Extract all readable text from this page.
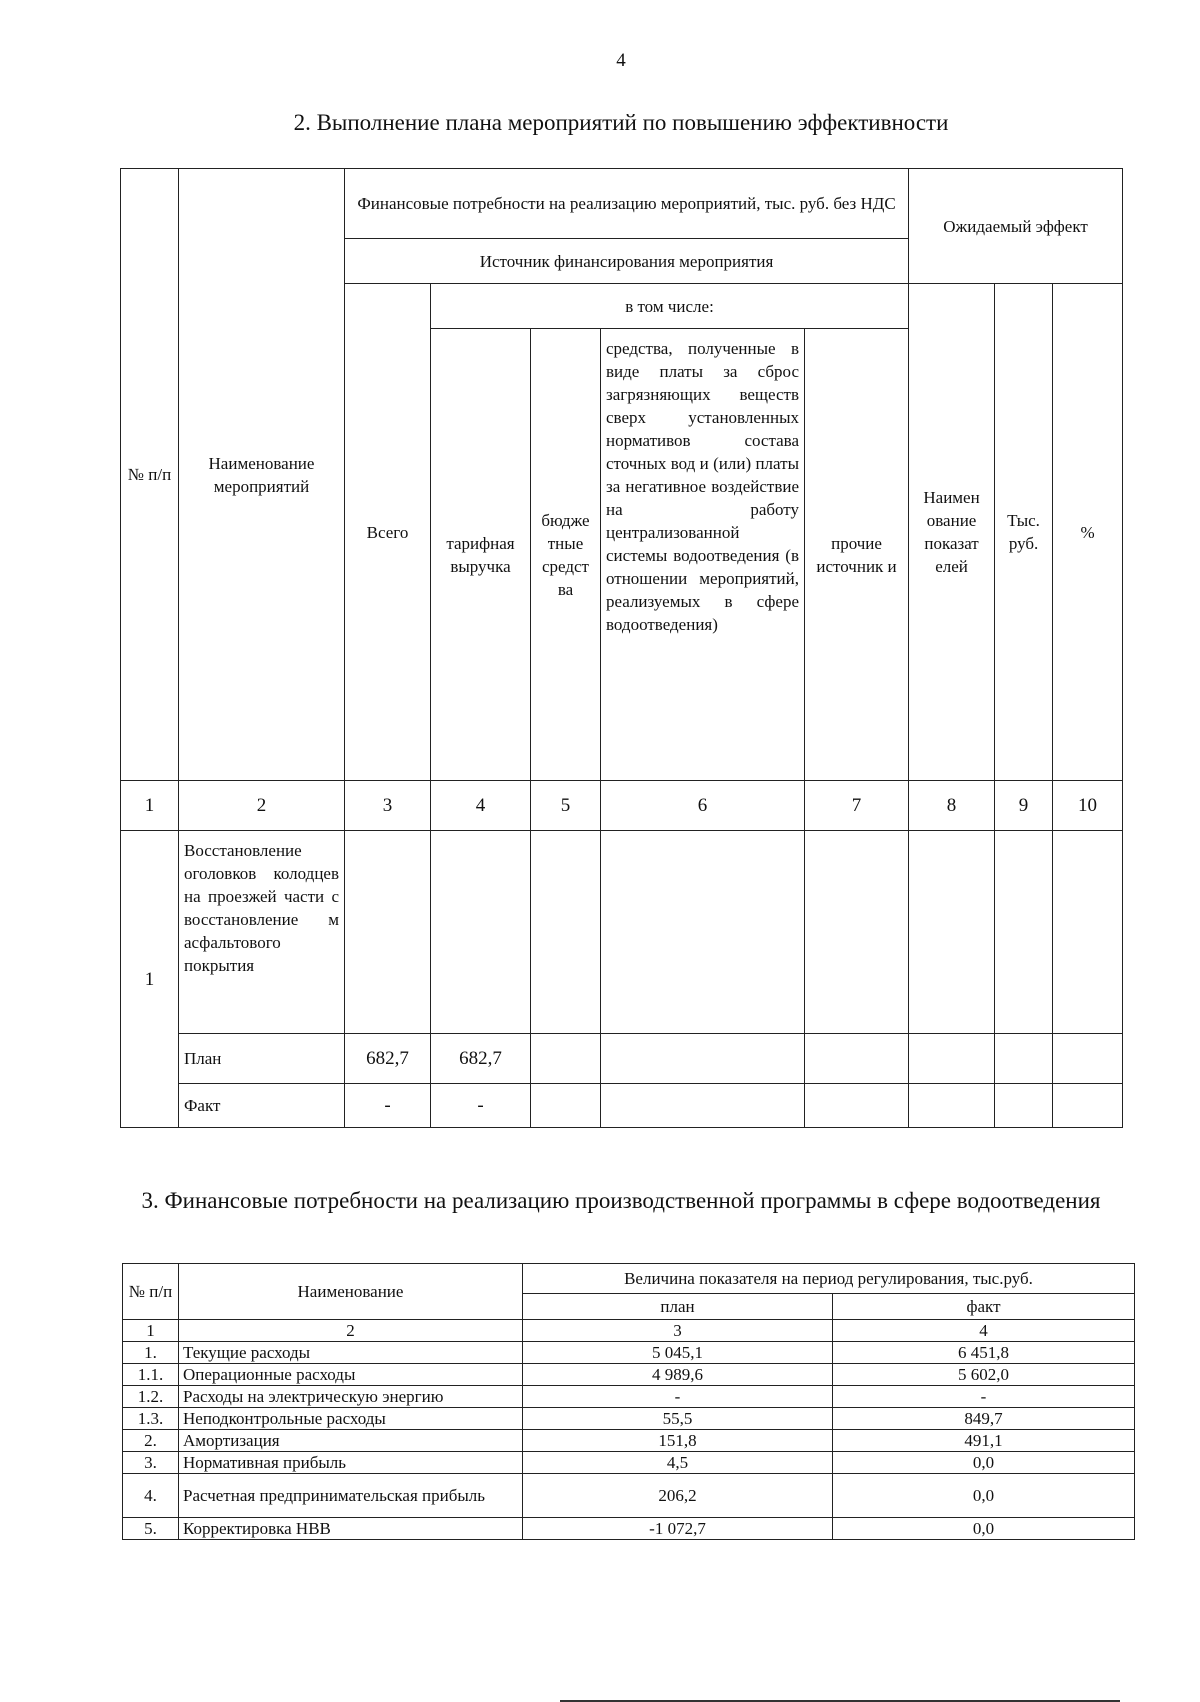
4
2. Выполнение плана мероприятий по повышению эффективности
№ п/п	Наименование мероприятий	Финансовые потребности на реализацию мероприятий, тыс. руб. без НДС					Ожидаемый эффект		
		Источник финансирования мероприятия							
		Всего	в том числе:				Наимен ование показат елей	Тыс. руб.	%
			тарифная выручка	бюдже тные средст ва	средства, полученные в виде платы за сброс загрязняющих веществ сверх установленных нормативов состава сточных вод и (или) платы за негативное воздействие на работу централизованной системы водоотведения (в отношении мероприятий, реализуемых в сфере водоотведения)	прочие источник и			
1	2	3	4	5	6	7	8	9	10
1	Восстановление оголовков колодцев на проезжей части с восстановление м асфальтового покрытия								
	План	682,7	682,7						
	Факт	-	-						
3. Финансовые потребности на реализацию производственной программы в сфере водоотведения
№ п/п	Наименование	Величина показателя на период регулирования, тыс.руб.	
		план	факт
1	2	3	4
1.	Текущие расходы	5 045,1	6 451,8
1.1.	Операционные расходы	4 989,6	5 602,0
1.2.	Расходы на электрическую энергию	-	-
1.3.	Неподконтрольные расходы	55,5	849,7
2.	Амортизация	151,8	491,1
3.	Нормативная прибыль	4,5	0,0
4.	Расчетная предпринимательская прибыль	206,2	0,0
5.	Корректировка НВВ	-1 072,7	0,0
